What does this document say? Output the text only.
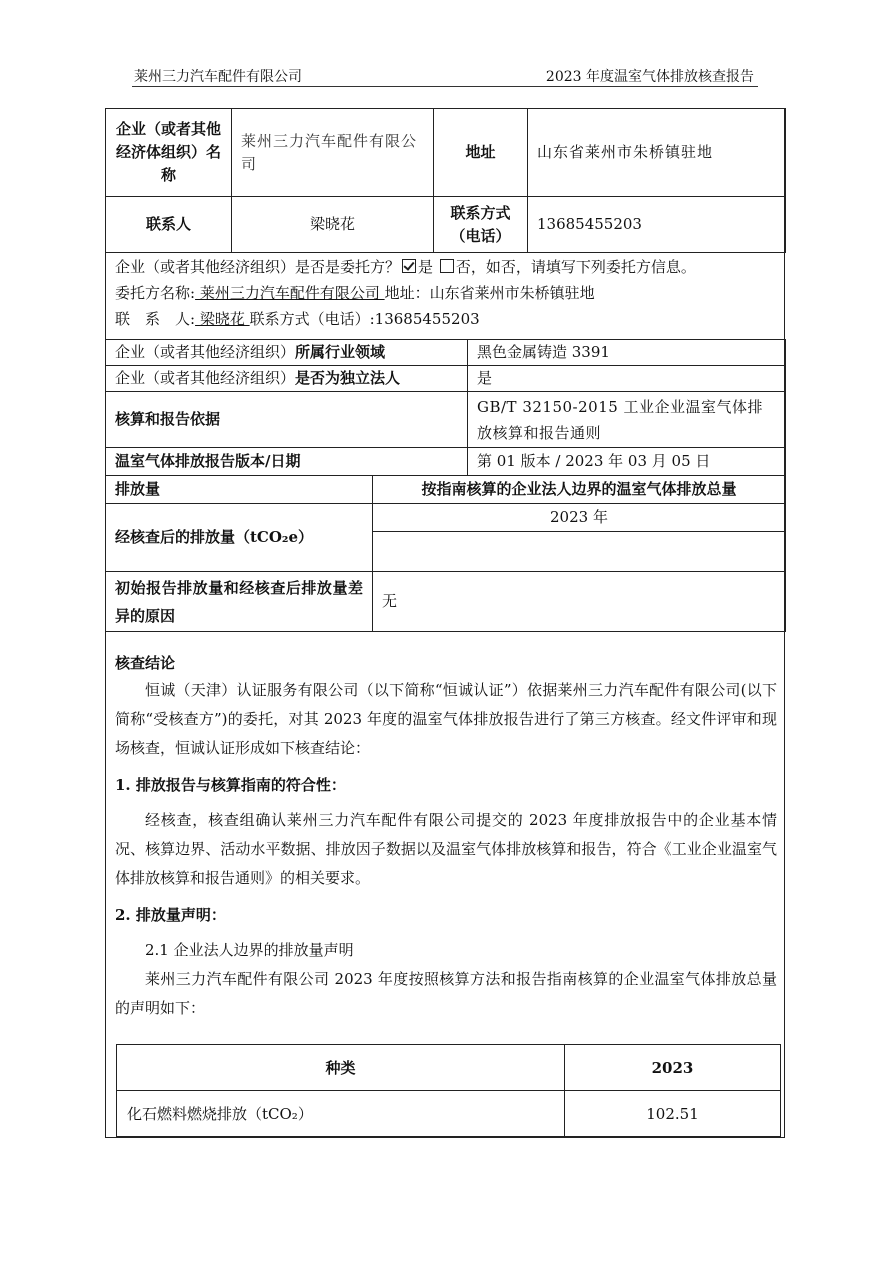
莱州三力汽车配件有限公司	2023 年度温室气体排放核查报告
企业（或者其他经济体组织）名称	莱州三力汽车配件有限公司	地址	山东省莱州市朱桥镇驻地
联系人	梁晓花	联系方式（电话）	13685455203
企业（或者其他经济组织）是否是委托方？ 是 否，如否，请填写下列委托方信息。
委托方名称: 莱州三力汽车配件有限公司 地址：山东省莱州市朱桥镇驻地
联　系　人: 梁晓花 联系方式（电话）:13685455203
企业（或者其他经济组织）所属行业领域		黑色金属铸造 3391
企业（或者其他经济组织）是否为独立法人		是
核算和报告依据		GB/T 32150-2015 工业企业温室气体排放核算和报告通则
温室气体排放报告版本/日期		第 01 版本 / 2023 年 03 月 05 日
排放量	按指南核算的企业法人边界的温室气体排放总量	
经核查后的排放量（tCO₂e）	2023 年	

初始报告排放量和经核查后排放量差异的原因	无	
核查结论
恒诚（天津）认证服务有限公司（以下简称“恒诚认证”）依据莱州三力汽车配件有限公司(以下简称“受核查方”)的委托，对其 2023 年度的温室气体排放报告进行了第三方核查。经文件评审和现场核查，恒诚认证形成如下核查结论：
1. 排放报告与核算指南的符合性：
经核查，核查组确认莱州三力汽车配件有限公司提交的 2023 年度排放报告中的企业基本情况、核算边界、活动水平数据、排放因子数据以及温室气体排放核算和报告，符合《工业企业温室气体排放核算和报告通则》的相关要求。
2. 排放量声明：
2.1 企业法人边界的排放量声明
莱州三力汽车配件有限公司 2023 年度按照核算方法和报告指南核算的企业温室气体排放总量的声明如下：
种类	2023
化石燃料燃烧排放（tCO₂）	102.51
